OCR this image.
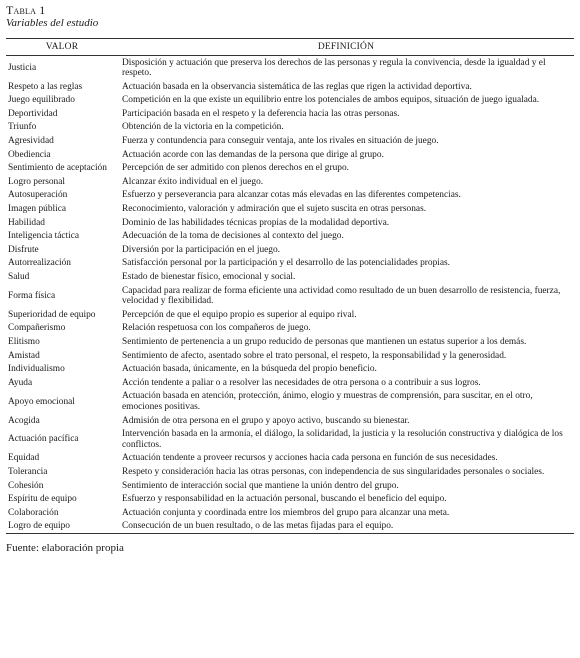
Tabla 1
Variables del estudio
VALOR	DEFINICIÓN
Justicia	Disposición y actuación que preserva los derechos de las personas y regula la convivencia, desde la igualdad y el respeto.
Respeto a las reglas	Actuación basada en la observancia sistemática de las reglas que rigen la actividad deportiva.
Juego equilibrado	Competición en la que existe un equilibrio entre los potenciales de ambos equipos, situación de juego igualada.
Deportividad	Participación basada en el respeto y la deferencia hacia las otras personas.
Triunfo	Obtención de la victoria en la competición.
Agresividad	Fuerza y contundencia para conseguir ventaja, ante los rivales en situación de juego.
Obediencia	Actuación acorde con las demandas de la persona que dirige al grupo.
Sentimiento de aceptación	Percepción de ser admitido con plenos derechos en el grupo.
Logro personal	Alcanzar éxito individual en el juego.
Autosuperación	Esfuerzo y perseverancia para alcanzar cotas más elevadas en las diferentes competencias.
Imagen pública	Reconocimiento, valoración y admiración que el sujeto suscita en otras personas.
Habilidad	Dominio de las habilidades técnicas propias de la modalidad deportiva.
Inteligencia táctica	Adecuación de la toma de decisiones al contexto del juego.
Disfrute	Diversión por la participación en el juego.
Autorrealización	Satisfacción personal por la participación y el desarrollo de las potencialidades propias.
Salud	Estado de bienestar físico, emocional y social.
Forma física	Capacidad para realizar de forma eficiente una actividad como resultado de un buen desarrollo de resistencia, fuerza, velocidad y flexibilidad.
Superioridad de equipo	Percepción de que el equipo propio es superior al equipo rival.
Compañerismo	Relación respetuosa con los compañeros de juego.
Elitismo	Sentimiento de pertenencia a un grupo reducido de personas que mantienen un estatus superior a los demás.
Amistad	Sentimiento de afecto, asentado sobre el trato personal, el respeto, la responsabilidad y la generosidad.
Individualismo	Actuación basada, únicamente, en la búsqueda del propio beneficio.
Ayuda	Acción tendente a paliar o a resolver las necesidades de otra persona o a contribuir a sus logros.
Apoyo emocional	Actuación basada en atención, protección, ánimo, elogio y muestras de comprensión, para suscitar, en el otro, emociones positivas.
Acogida	Admisión de otra persona en el grupo y apoyo activo, buscando su bienestar.
Actuación pacífica	Intervención basada en la armonía, el diálogo, la solidaridad, la justicia y la resolución constructiva y dialógica de los conflictos.
Equidad	Actuación tendente a proveer recursos y acciones hacia cada persona en función de sus necesidades.
Tolerancia	Respeto y consideración hacia las otras personas, con independencia de sus singularidades personales o sociales.
Cohesión	Sentimiento de interacción social que mantiene la unión dentro del grupo.
Espíritu de equipo	Esfuerzo y responsabilidad en la actuación personal, buscando el beneficio del equipo.
Colaboración	Actuación conjunta y coordinada entre los miembros del grupo para alcanzar una meta.
Logro de equipo	Consecución de un buen resultado, o de las metas fijadas para el equipo.
Fuente: elaboración propia
